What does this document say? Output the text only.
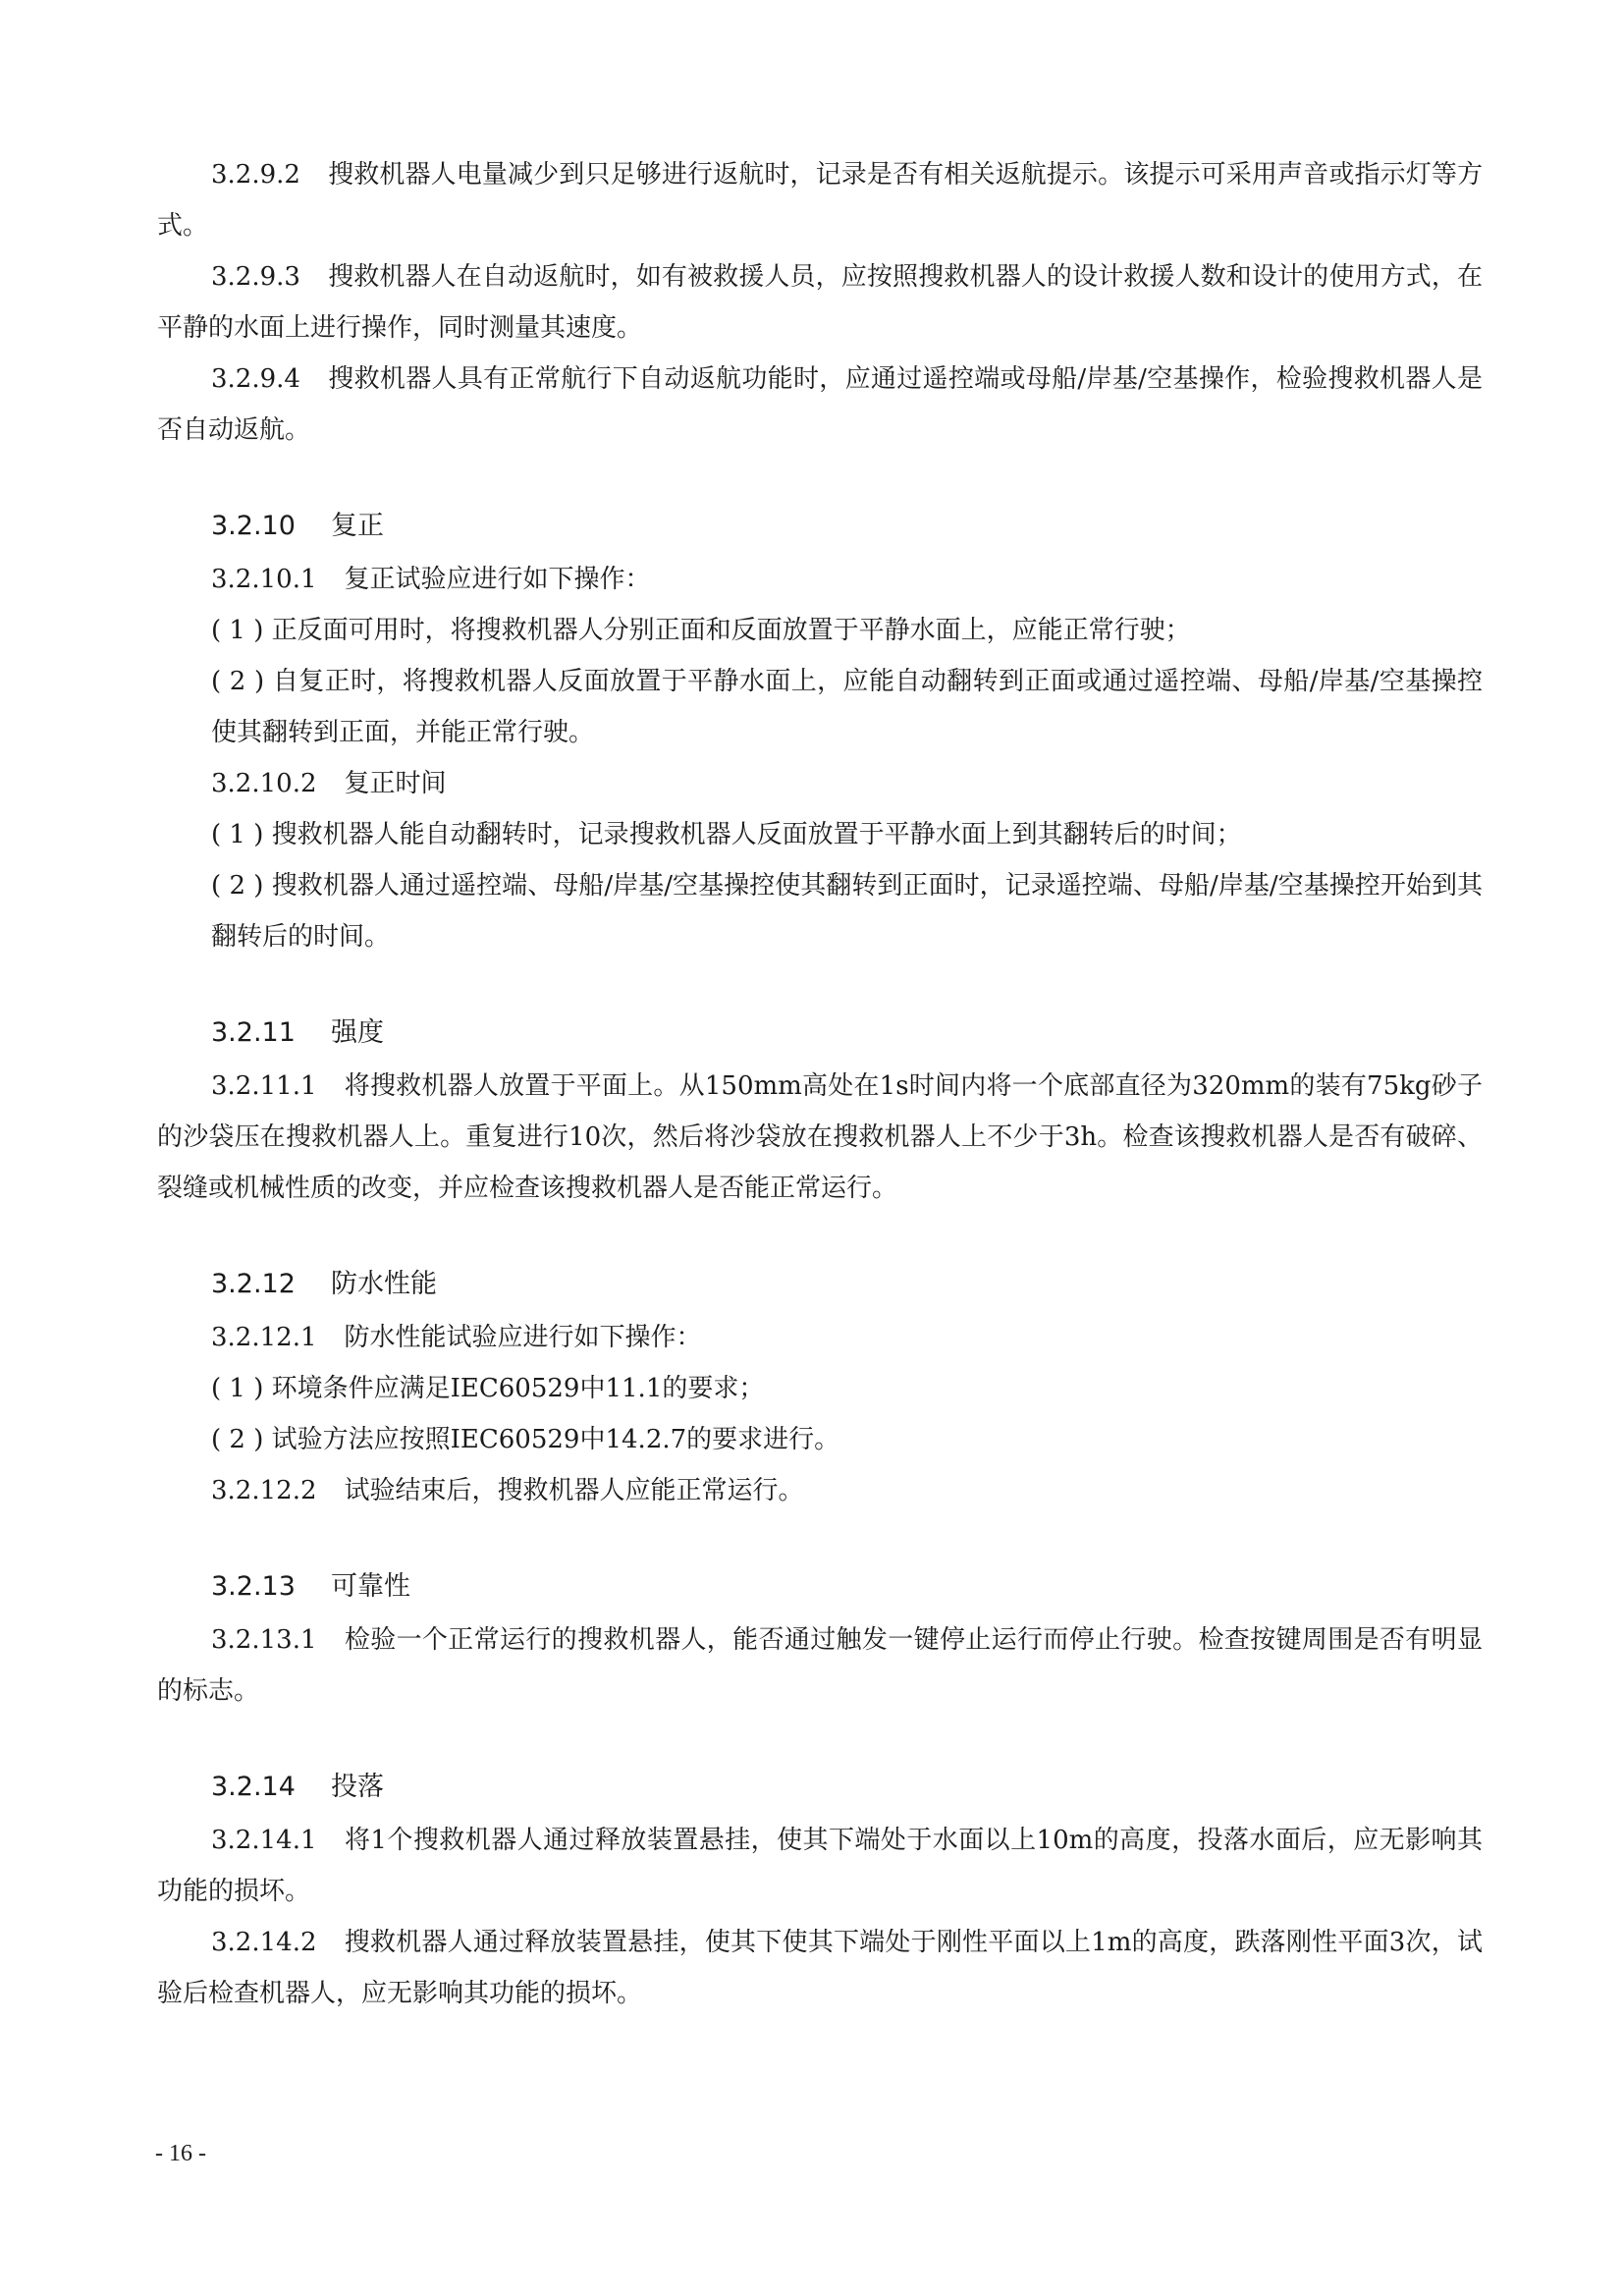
3.2.9.2 搜救机器人电量减少到只足够进行返航时，记录是否有相关返航提示。该提示可采用声音或指示灯等方式。

3.2.9.3 搜救机器人在自动返航时，如有被救援人员，应按照搜救机器人的设计救援人数和设计的使用方式，在平静的水面上进行操作，同时测量其速度。

3.2.9.4 搜救机器人具有正常航行下自动返航功能时，应通过遥控端或母船/岸基/空基操作，检验搜救机器人是否自动返航。

3.2.10 复正

3.2.10.1 复正试验应进行如下操作：

( 1 ) 正反面可用时，将搜救机器人分别正面和反面放置于平静水面上，应能正常行驶；

( 2 ) 自复正时，将搜救机器人反面放置于平静水面上，应能自动翻转到正面或通过遥控端、母船/岸基/空基操控使其翻转到正面，并能正常行驶。

3.2.10.2 复正时间

( 1 ) 搜救机器人能自动翻转时，记录搜救机器人反面放置于平静水面上到其翻转后的时间；

( 2 ) 搜救机器人通过遥控端、母船/岸基/空基操控使其翻转到正面时，记录遥控端、母船/岸基/空基操控开始到其翻转后的时间。

3.2.11 强度

3.2.11.1 将搜救机器人放置于平面上。从150mm高处在1s时间内将一个底部直径为320mm的装有75kg砂子的沙袋压在搜救机器人上。重复进行10次，然后将沙袋放在搜救机器人上不少于3h。检查该搜救机器人是否有破碎、裂缝或机械性质的改变，并应检查该搜救机器人是否能正常运行。

3.2.12 防水性能

3.2.12.1 防水性能试验应进行如下操作：

( 1 ) 环境条件应满足IEC60529中11.1的要求；

( 2 ) 试验方法应按照IEC60529中14.2.7的要求进行。

3.2.12.2 试验结束后，搜救机器人应能正常运行。

3.2.13 可靠性

3.2.13.1 检验一个正常运行的搜救机器人，能否通过触发一键停止运行而停止行驶。检查按键周围是否有明显的标志。

3.2.14 投落

3.2.14.1 将1个搜救机器人通过释放装置悬挂，使其下端处于水面以上10m的高度，投落水面后，应无影响其功能的损坏。

3.2.14.2 搜救机器人通过释放装置悬挂，使其下使其下端处于刚性平面以上1m的高度，跌落刚性平面3次，试验后检查机器人，应无影响其功能的损坏。

- 16 -
